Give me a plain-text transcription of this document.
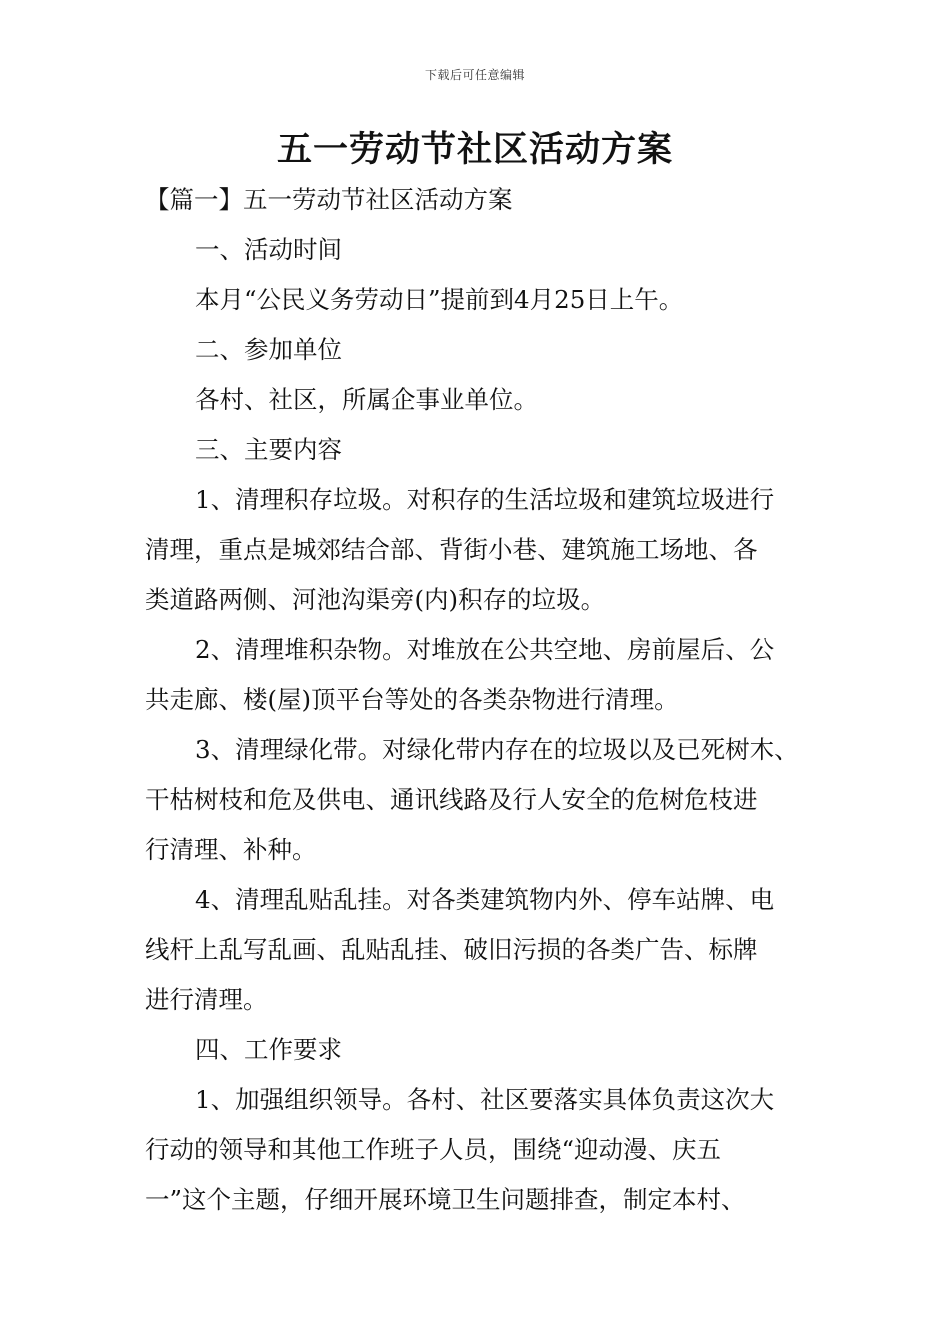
下载后可任意编辑
五一劳动节社区活动方案

【篇一】五一劳动节社区活动方案

一、活动时间

本月“公民义务劳动日”提前到4月25日上午。

二、参加单位

各村、社区，所属企事业单位。

三、主要内容

1、清理积存垃圾。对积存的生活垃圾和建筑垃圾进行

清理，重点是城郊结合部、背街小巷、建筑施工场地、各

类道路两侧、河池沟渠旁(内)积存的垃圾。

2、清理堆积杂物。对堆放在公共空地、房前屋后、公

共走廊、楼(屋)顶平台等处的各类杂物进行清理。

3、清理绿化带。对绿化带内存在的垃圾以及已死树木、

干枯树枝和危及供电、通讯线路及行人安全的危树危枝进

行清理、补种。

4、清理乱贴乱挂。对各类建筑物内外、停车站牌、电

线杆上乱写乱画、乱贴乱挂、破旧污损的各类广告、标牌

进行清理。

四、工作要求

1、加强组织领导。各村、社区要落实具体负责这次大

行动的领导和其他工作班子人员，围绕“迎动漫、庆五

一”这个主题，仔细开展环境卫生问题排查，制定本村、
